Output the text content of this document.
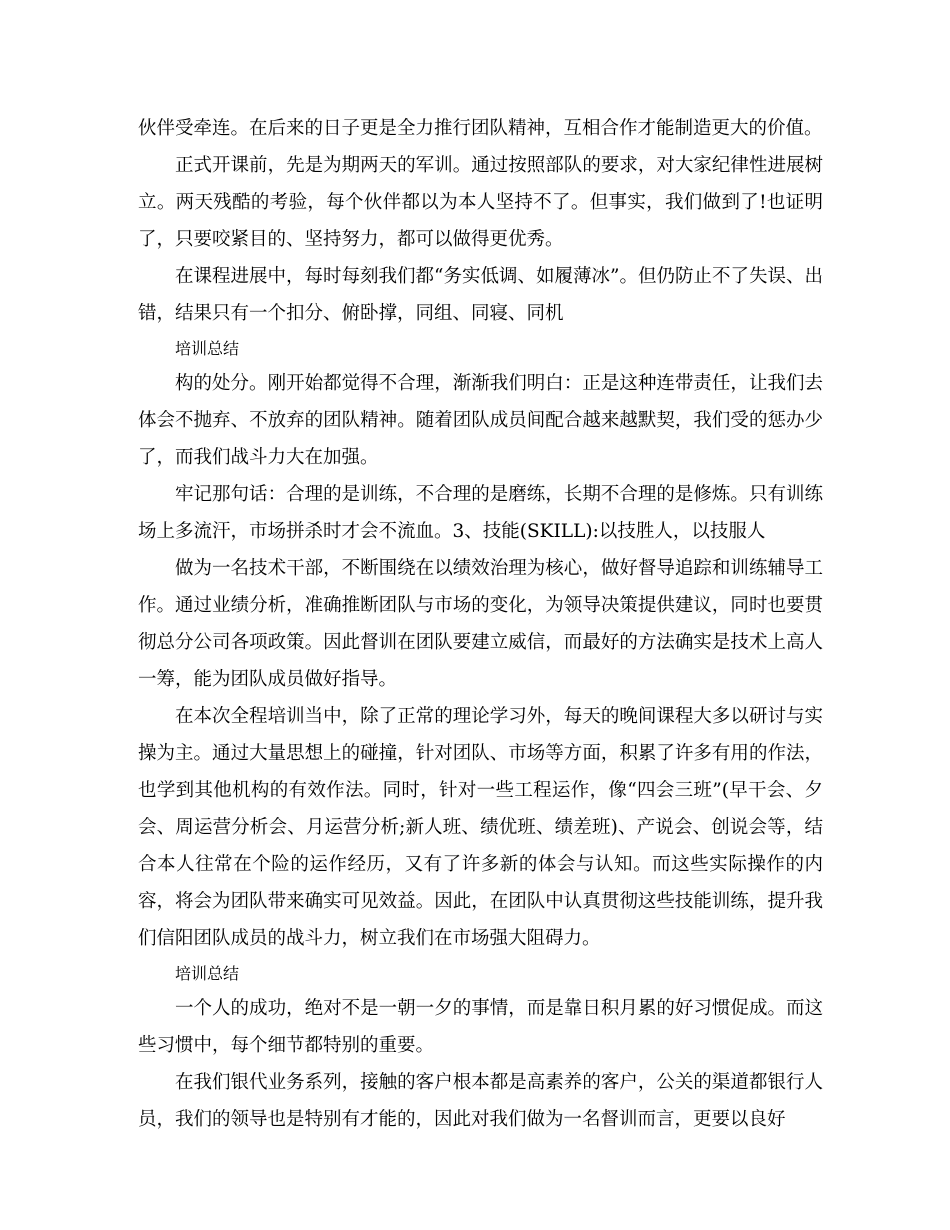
伙伴受牵连。在后来的日子更是全力推行团队精神，互相合作才能制造更大的价值。

正式开课前，先是为期两天的军训。通过按照部队的要求，对大家纪律性进展树立。两天残酷的考验，每个伙伴都以为本人坚持不了。但事实，我们做到了!也证明了，只要咬紧目的、坚持努力，都可以做得更优秀。

在课程进展中，每时每刻我们都“务实低调、如履薄冰”。但仍防止不了失误、出错，结果只有一个扣分、俯卧撑，同组、同寝、同机

培训总结

构的处分。刚开始都觉得不合理，渐渐我们明白：正是这种连带责任，让我们去体会不抛弃、不放弃的团队精神。随着团队成员间配合越来越默契，我们受的惩办少了，而我们战斗力大在加强。

牢记那句话：合理的是训练，不合理的是磨练，长期不合理的是修炼。只有训练场上多流汗，市场拼杀时才会不流血。3、技能(SKILL):以技胜人，以技服人

做为一名技术干部，不断围绕在以绩效治理为核心，做好督导追踪和训练辅导工作。通过业绩分析，准确推断团队与市场的变化，为领导决策提供建议，同时也要贯彻总分公司各项政策。因此督训在团队要建立威信，而最好的方法确实是技术上高人一筹，能为团队成员做好指导。

在本次全程培训当中，除了正常的理论学习外，每天的晚间课程大多以研讨与实操为主。通过大量思想上的碰撞，针对团队、市场等方面，积累了许多有用的作法，也学到其他机构的有效作法。同时，针对一些工程运作，像“四会三班”(早干会、夕会、周运营分析会、月运营分析;新人班、绩优班、绩差班)、产说会、创说会等，结合本人往常在个险的运作经历，又有了许多新的体会与认知。而这些实际操作的内容，将会为团队带来确实可见效益。因此，在团队中认真贯彻这些技能训练，提升我们信阳团队成员的战斗力，树立我们在市场强大阻碍力。

培训总结

一个人的成功，绝对不是一朝一夕的事情，而是靠日积月累的好习惯促成。而这些习惯中，每个细节都特别的重要。

在我们银代业务系列，接触的客户根本都是高素养的客户，公关的渠道都银行人员，我们的领导也是特别有才能的，因此对我们做为一名督训而言，更要以良好
